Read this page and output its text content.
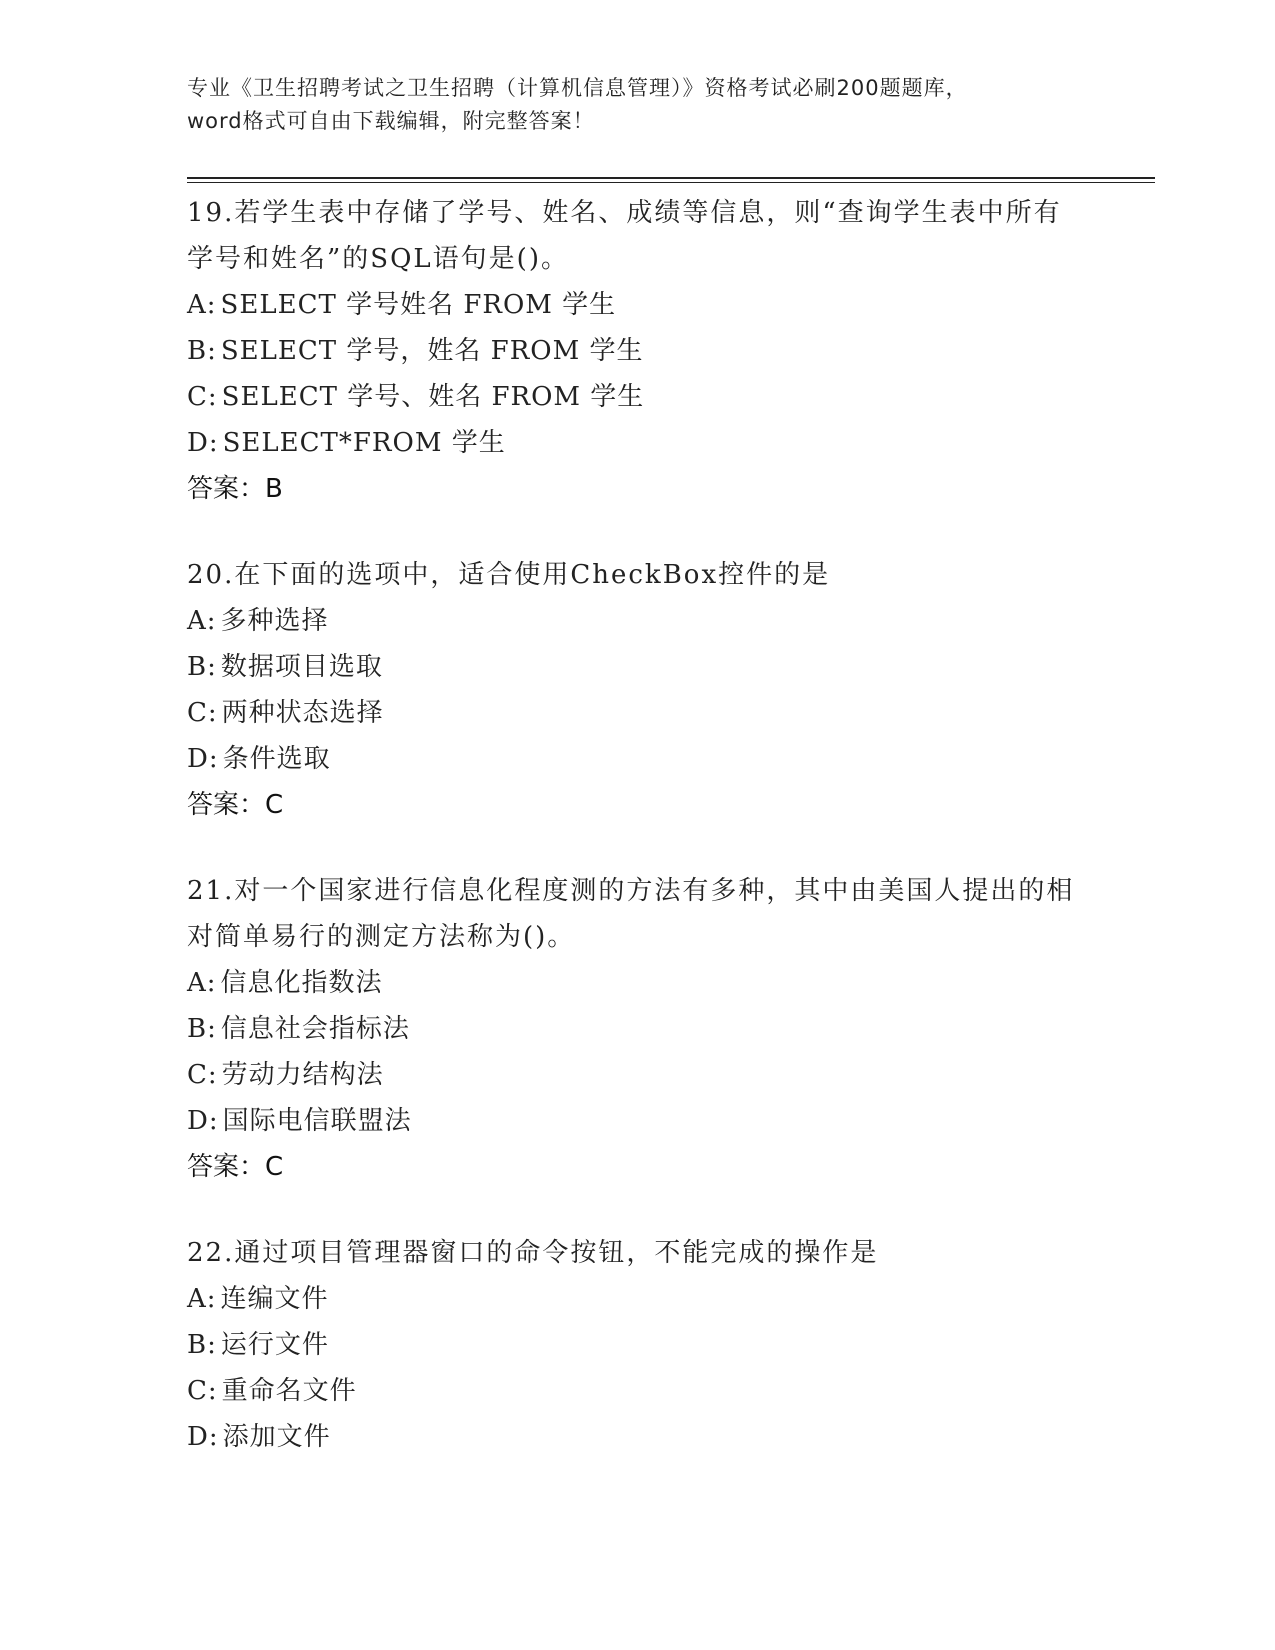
专业《卫生招聘考试之卫生招聘（计算机信息管理）》资格考试必刷200题题库，
word格式可自由下载编辑，附完整答案！
19.若学生表中存储了学号、姓名、成绩等信息，则“查询学生表中所有学号和姓名”的SQL语句是()。
A: SELECT 学号姓名 FROM 学生
B: SELECT 学号，姓名 FROM 学生
C: SELECT 学号、姓名 FROM 学生
D: SELECT*FROM 学生
答案：B
20.在下面的选项中，适合使用CheckBox控件的是
A: 多种选择
B: 数据项目选取
C: 两种状态选择
D: 条件选取
答案：C
21.对一个国家进行信息化程度测的方法有多种，其中由美国人提出的相对简单易行的测定方法称为()。
A: 信息化指数法
B: 信息社会指标法
C: 劳动力结构法
D: 国际电信联盟法
答案：C
22.通过项目管理器窗口的命令按钮，不能完成的操作是
A: 连编文件
B: 运行文件
C: 重命名文件
D: 添加文件
